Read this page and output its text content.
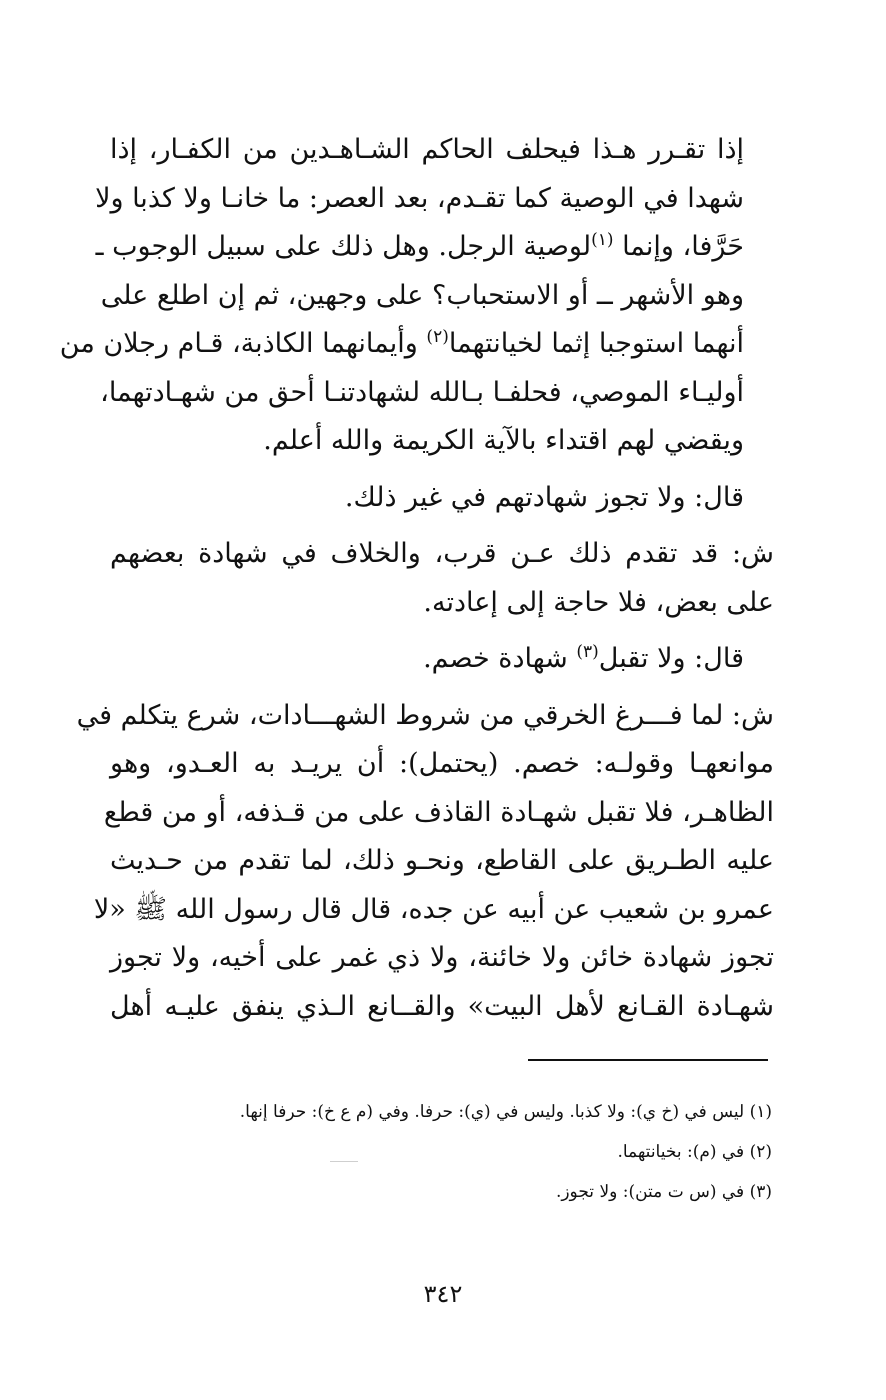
إذا تقـرر هـذا فيحلف الحاكم الشـاهـدين من الكفـار، إذا
شهدا في الوصية كما تقـدم، بعد العصر: ما خانـا ولا كذبا ولا
حَرَّفا، وإنما $^{(١)}$لوصية الرجل. وهل ذلك على سبيل الوجوب ـ
وهو الأشهر ــ أو الاستحباب؟ على وجهين، ثم إن اطلع على
أنهما استوجبا إثما لخيانتهما$^{(٢)}$ وأيمانهما الكاذبة، قـام رجلان من
أوليـاء الموصي، فحلفـا بـالله لشهادتنـا أحق من شهـادتهما،
ويقضي لهم اقتداء بالآية الكريمة والله أعلم.

قال: ولا تجوز شهادتهم في غير ذلك.

ش: قد تقدم ذلك عـن قرب، والخلاف في شهادة بعضهم
على بعض، فلا حاجة إلى إعادته.

قال: ولا تقبل$^{(٣)}$ شهادة خصم.

ش: لما فـــرغ الخرقي من شروط الشهـــادات، شرع يتكلم في
موانعهـا وقولـه: خصم. (يحتمل): أن يريـد به العـدو، وهو
الظاهـر، فلا تقبل شهـادة القاذف على من قـذفه، أو من قطع
عليه الطـريق على القاطع، ونحـو ذلك، لما تقدم من حـديث
عمرو بن شعيب عن أبيه عن جده، قال قال رسول الله ﷺ «لا
تجوز شهادة خائن ولا خائنة، ولا ذي غمر على أخيه، ولا تجوز
شهـادة القـانع لأهل البيت» والقــانع الـذي ينفق عليـه أهل

(١) ليس في (خ ي): ولا كذبا. وليس في (ي): حرفا. وفي (م ع خ): حرفا إنها.
(٢) في (م): بخيانتهما.
(٣) في (س ت متن): ولا تجوز.
٣٤٢
